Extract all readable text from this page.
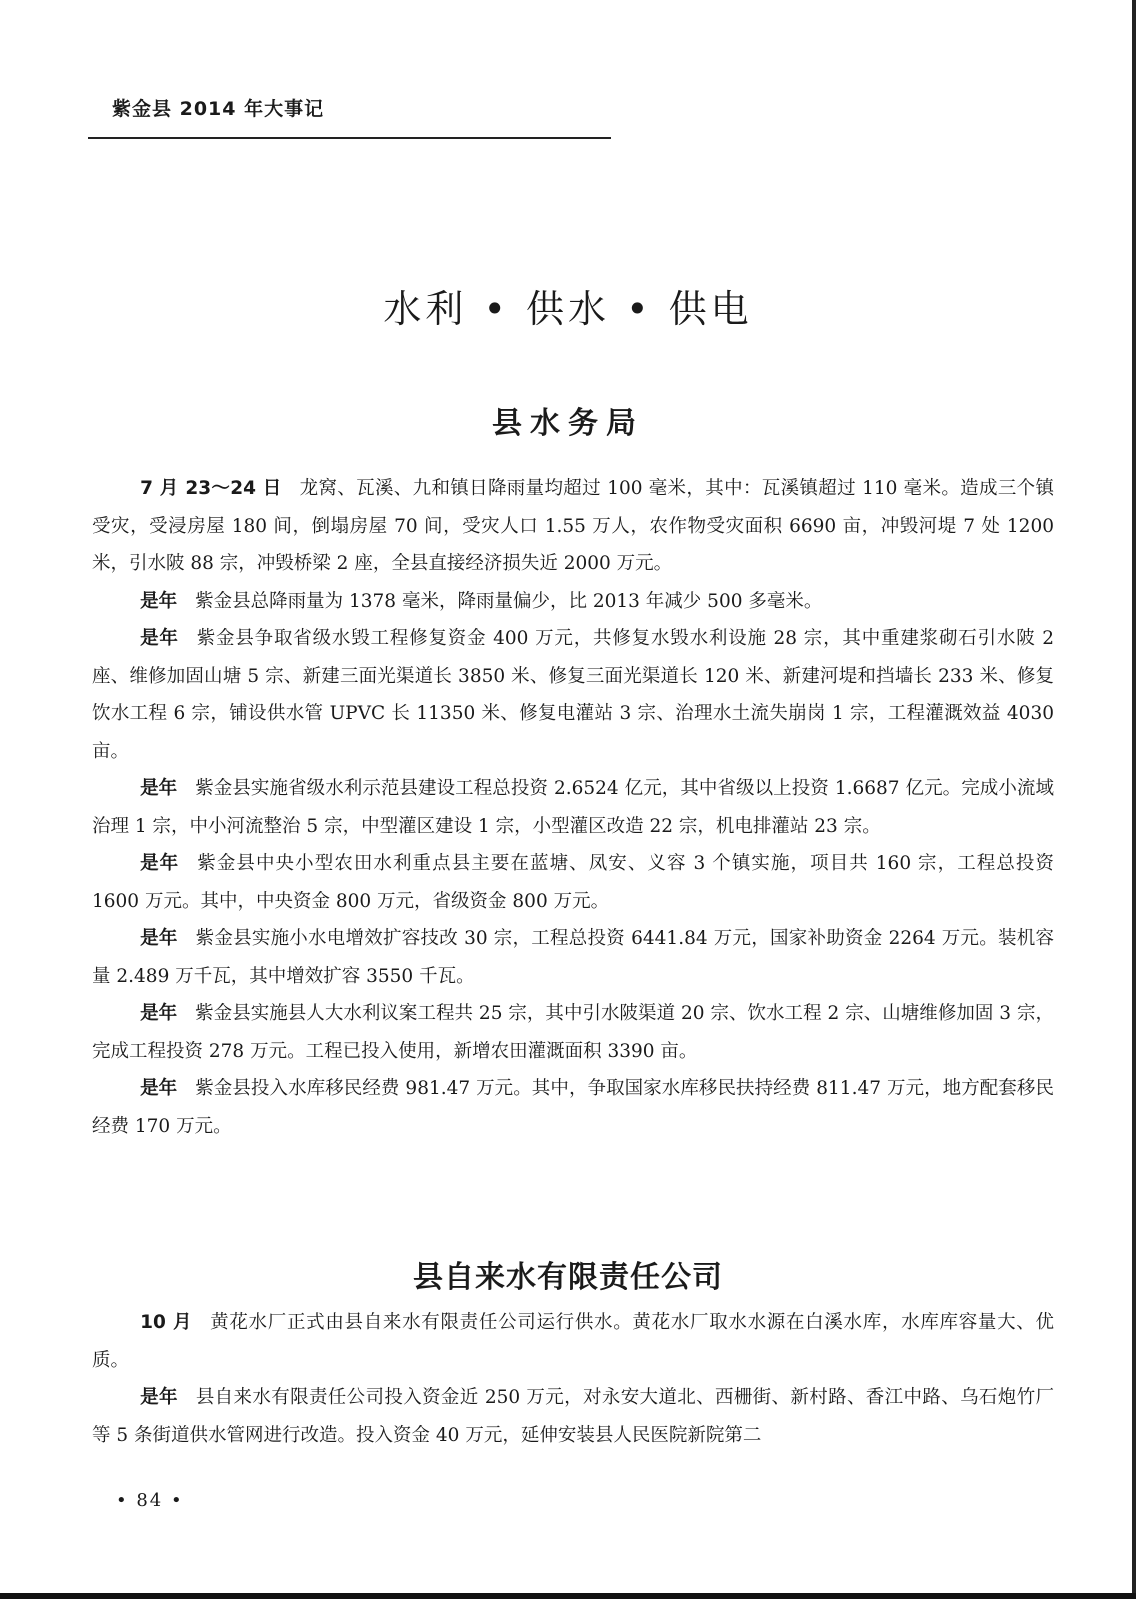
紫金县 2014 年大事记
水利 • 供水 • 供电
县水务局

7 月 23～24 日 龙窝、瓦溪、九和镇日降雨量均超过 100 毫米，其中：瓦溪镇超过 110 毫米。造成三个镇受灾，受浸房屋 180 间，倒塌房屋 70 间，受灾人口 1.55 万人，农作物受灾面积 6690 亩，冲毁河堤 7 处 1200 米，引水陂 88 宗，冲毁桥梁 2 座，全县直接经济损失近 2000 万元。

是年 紫金县总降雨量为 1378 毫米，降雨量偏少，比 2013 年减少 500 多毫米。

是年 紫金县争取省级水毁工程修复资金 400 万元，共修复水毁水利设施 28 宗，其中重建浆砌石引水陂 2 座、维修加固山塘 5 宗、新建三面光渠道长 3850 米、修复三面光渠道长 120 米、新建河堤和挡墙长 233 米、修复饮水工程 6 宗，铺设供水管 UPVC 长 11350 米、修复电灌站 3 宗、治理水土流失崩岗 1 宗，工程灌溉效益 4030 亩。

是年 紫金县实施省级水利示范县建设工程总投资 2.6524 亿元，其中省级以上投资 1.6687 亿元。完成小流域治理 1 宗，中小河流整治 5 宗，中型灌区建设 1 宗，小型灌区改造 22 宗，机电排灌站 23 宗。

是年 紫金县中央小型农田水利重点县主要在蓝塘、凤安、义容 3 个镇实施，项目共 160 宗，工程总投资 1600 万元。其中，中央资金 800 万元，省级资金 800 万元。

是年 紫金县实施小水电增效扩容技改 30 宗，工程总投资 6441.84 万元，国家补助资金 2264 万元。装机容量 2.489 万千瓦，其中增效扩容 3550 千瓦。

是年 紫金县实施县人大水利议案工程共 25 宗，其中引水陂渠道 20 宗、饮水工程 2 宗、山塘维修加固 3 宗，完成工程投资 278 万元。工程已投入使用，新增农田灌溉面积 3390 亩。

是年 紫金县投入水库移民经费 981.47 万元。其中，争取国家水库移民扶持经费 811.47 万元，地方配套移民经费 170 万元。

县自来水有限责任公司

10 月 黄花水厂正式由县自来水有限责任公司运行供水。黄花水厂取水水源在白溪水库，水库库容量大、优质。

是年 县自来水有限责任公司投入资金近 250 万元，对永安大道北、西栅街、新村路、香江中路、乌石炮竹厂等 5 条街道供水管网进行改造。投入资金 40 万元，延伸安装县人民医院新院第二

• 84 •
